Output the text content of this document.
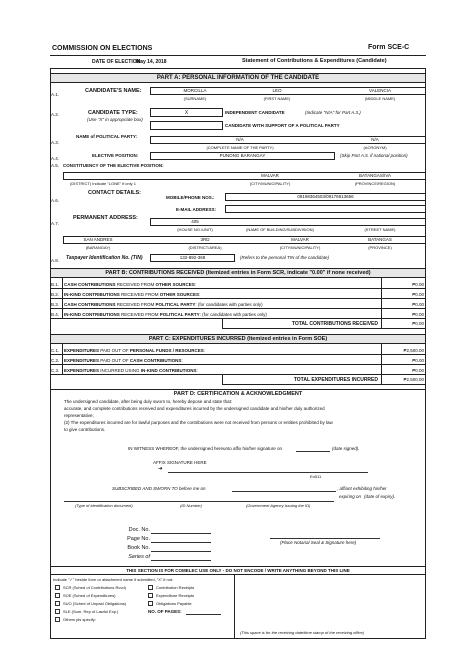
COMMISSION ON ELECTIONS	Form SCE-C
DATE OF ELECTION:
May 14, 2018	Statement of Contributions & Expenditures (Candidate)
PART A: PERSONAL INFORMATION OF THE CANDIDATE
A.1.
CANDIDATE'S NAME:	MORCILLA	LEO	VALENCIA
(SURNAME)	(FIRST NAME)	(MIDDLE NAME)
A.2.	CANDIDATE TYPE:
(Use "X" in appropriate box)
X	INDEPENDENT CANDIDATE	(Indicate "N/A" for Part A.3.)
CANDIDATE WITH SUPPORT OF A POLITICAL PARTY
A.3.
NAME of POLITICAL PARTY:
N/A	N/A
(COMPLETE NAME OF THE PARTY)	(ACRONYM)
A.4.
ELECTIVE POSITION:	PUNONG BARANGAY	(Skip Part A.5. if national position)
A.5. CONSTITUENCY OF THE ELECTIVE POSITION:
MALVAR	BATANGAS/IVA
(DISTRICT) Indicate "LONE" if only 1	(CITY/MUNICIPALITY)	(PROVINCE/REGION)
A.6.
CONTACT DETAILS:
MOBILE/PHONE NOS.:	09198364503/09176913656
E-MAIL ADDRESS:
A.7.
PERMANENT ADDRESS:
405
(HOUSE NO./UNIT)	(NAME OF BUILDING/SUBDIVISION)	(STREET NAME)
SAN ANDRES	3RD	MALVAR	BATANGAS
(BARANGAY)	(DISTRICT/AREA)	(CITY/MUNICIPALITY)	(PROVINCE)
A.8. Taxpayer Identification No. (TIN)	132-892-368	(Refers to the personal TIN of the candidate)
PART B: CONTRIBUTIONS RECEIVED (Itemized entries in Form SCR, indicate "0.00" if none received)
B.1. CASH CONTRIBUTIONS RECEIVED FROM OTHER SOURCES:	₱0.00
B.2. IN-KIND CONTRIBUTIONS RECEIVED FROM OTHER SOURCES:	₱0.00
B.3. CASH CONTRIBUTIONS RECEIVED FROM POLITICAL PARTY: (for candidates with parties only)	₱0.00
B.4. IN-KIND CONTRIBUTIONS RECEIVED FROM POLITICAL PARTY: (for candidates with parties only)	₱0.00
TOTAL CONTRIBUTIONS RECEIVED	₱0.00
PART C: EXPENDITURES INCURRED (Itemized entries in Form SOE)
C.1. EXPENDITURES PAID OUT OF PERSONAL FUNDS / RESOURCES:	₱2,500.00
C.2. EXPENDITURES PAID OUT OF CASH CONTRIBUTIONS:	₱0.00
C.3. EXPENDITURES INCURRED USING IN-KIND CONTRIBUTIONS:	₱0.00
TOTAL EXPENDITURES INCURRED	₱2,500.00
PART D: CERTIFICATION & ACKNOWLEDGMENT
The undersigned candidate, after being duly sworn to, hereby depose and state that:
accurate, and complete contributions received and expenditures incurred by the undersigned candidate and his/her duly authorized
representative;
(2) The expenditures incurred are for lawful purposes and the contributions were not received from persons or entities prohibited by law
to give contributions.
IN WITNESS WHEREOF, the undersigned hereunto affix his/her signature on	(date signed).
AFFIX SIGNATURE HERE
➜
En511
SUBSCRIBED AND SWORN TO before me on	, affiant exhibiting his/her
expiring on (date of expiry).
(Type of identification document)	(ID Number)	(Government Agency issuing the ID)
Doc. No.
Page No.
Book No.
Series of
(Place Notarial Seal & Signature here)
THIS SECTION IS FOR COMELEC USE ONLY - DO NOT ENCODE / WRITE ANYTHING BEYOND THIS LINE
Indicate "✓" beside form or attachment name if submitted, "X" if not:
SCR (Sched of Contributions Rcvd)
SOE (Sched of Expenditures)
SUO (Sched of Unpaid Obligations)
SLE (Sum. Rep of Lawful Exp.)
Others pls specify:
Contribution Receipts
Expenditure Receipts
Obligations Payable
NO. OF PAGES:
(This space is for the receiving date/time stamp of the receiving office)
